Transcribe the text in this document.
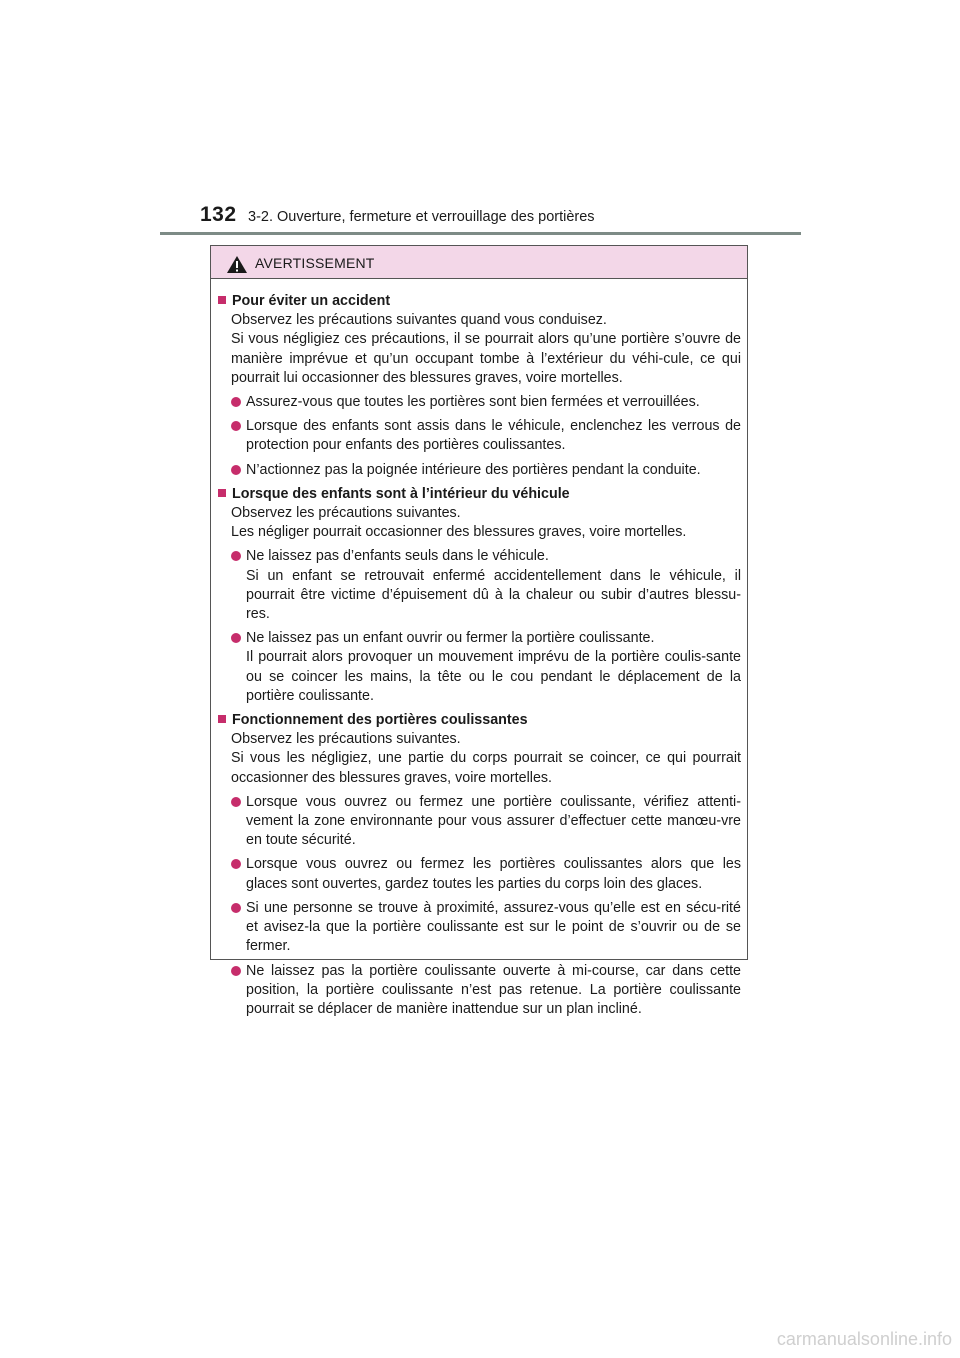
132 3-2. Ouverture, fermeture et verrouillage des portières
AVERTISSEMENT
Pour éviter un accident

Observez les précautions suivantes quand vous conduisez.

Si vous négligiez ces précautions, il se pourrait alors qu’une portière s’ouvre de manière imprévue et qu’un occupant tombe à l’extérieur du véhi-cule, ce qui pourrait lui occasionner des blessures graves, voire mortelles.

Assurez-vous que toutes les portières sont bien fermées et verrouillées.

Lorsque des enfants sont assis dans le véhicule, enclenchez les verrous de protection pour enfants des portières coulissantes.

N’actionnez pas la poignée intérieure des portières pendant la conduite.

Lorsque des enfants sont à l’intérieur du véhicule

Observez les précautions suivantes.

Les négliger pourrait occasionner des blessures graves, voire mortelles.

Ne laissez pas d’enfants seuls dans le véhicule.

Si un enfant se retrouvait enfermé accidentellement dans le véhicule, il pourrait être victime d’épuisement dû à la chaleur ou subir d’autres blessu-res.

Ne laissez pas un enfant ouvrir ou fermer la portière coulissante.

Il pourrait alors provoquer un mouvement imprévu de la portière coulis-sante ou se coincer les mains, la tête ou le cou pendant le déplacement de la portière coulissante.

Fonctionnement des portières coulissantes

Observez les précautions suivantes.

Si vous les négligiez, une partie du corps pourrait se coincer, ce qui pourrait occasionner des blessures graves, voire mortelles.

Lorsque vous ouvrez ou fermez une portière coulissante, vérifiez attenti-vement la zone environnante pour vous assurer d’effectuer cette manœu-vre en toute sécurité.

Lorsque vous ouvrez ou fermez les portières coulissantes alors que les glaces sont ouvertes, gardez toutes les parties du corps loin des glaces.

Si une personne se trouve à proximité, assurez-vous qu’elle est en sécu-rité et avisez-la que la portière coulissante est sur le point de s’ouvrir ou de se fermer.

Ne laissez pas la portière coulissante ouverte à mi-course, car dans cette position, la portière coulissante n’est pas retenue. La portière coulissante pourrait se déplacer de manière inattendue sur un plan incliné.

carmanualsonline.info
